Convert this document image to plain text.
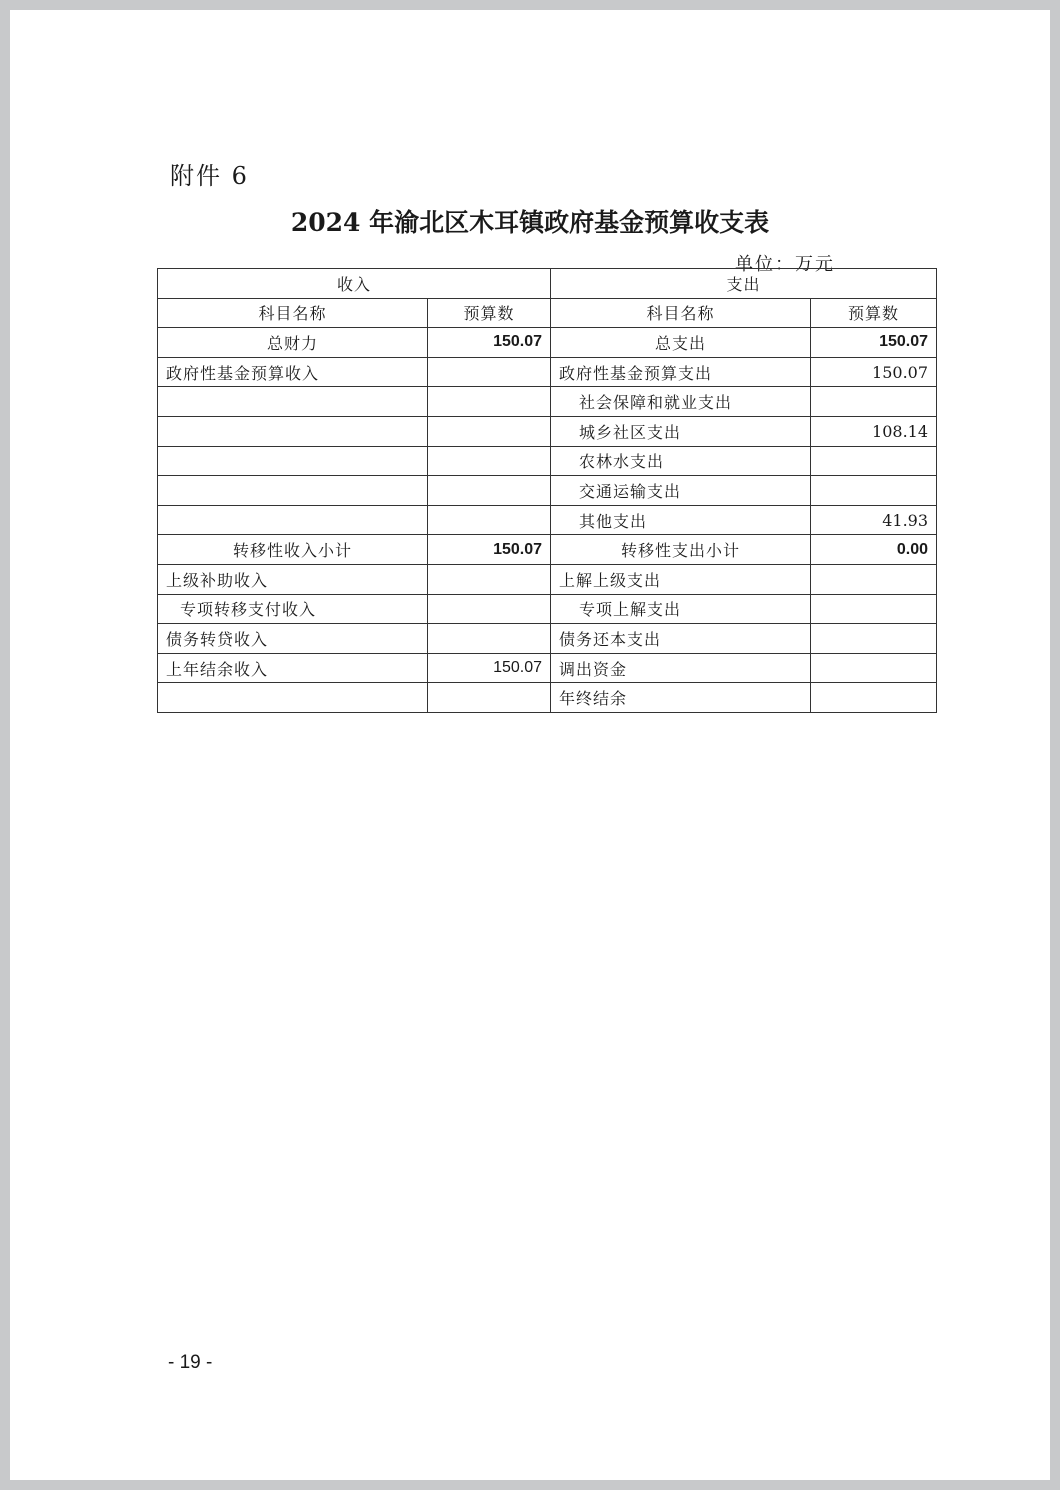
附件 6
2024 年渝北区木耳镇政府基金预算收支表
单位：万元
收入		支出	
科目名称	预算数	科目名称	预算数
总财力	150.07	总支出	150.07
政府性基金预算收入		政府性基金预算支出	150.07
		社会保障和就业支出	
		城乡社区支出	108.14
		农林水支出	
		交通运输支出	
		其他支出	41.93
转移性收入小计	150.07	转移性支出小计	0.00
上级补助收入		上解上级支出	
专项转移支付收入		专项上解支出	
债务转贷收入		债务还本支出	
上年结余收入	150.07	调出资金	
		年终结余	
- 19 -
